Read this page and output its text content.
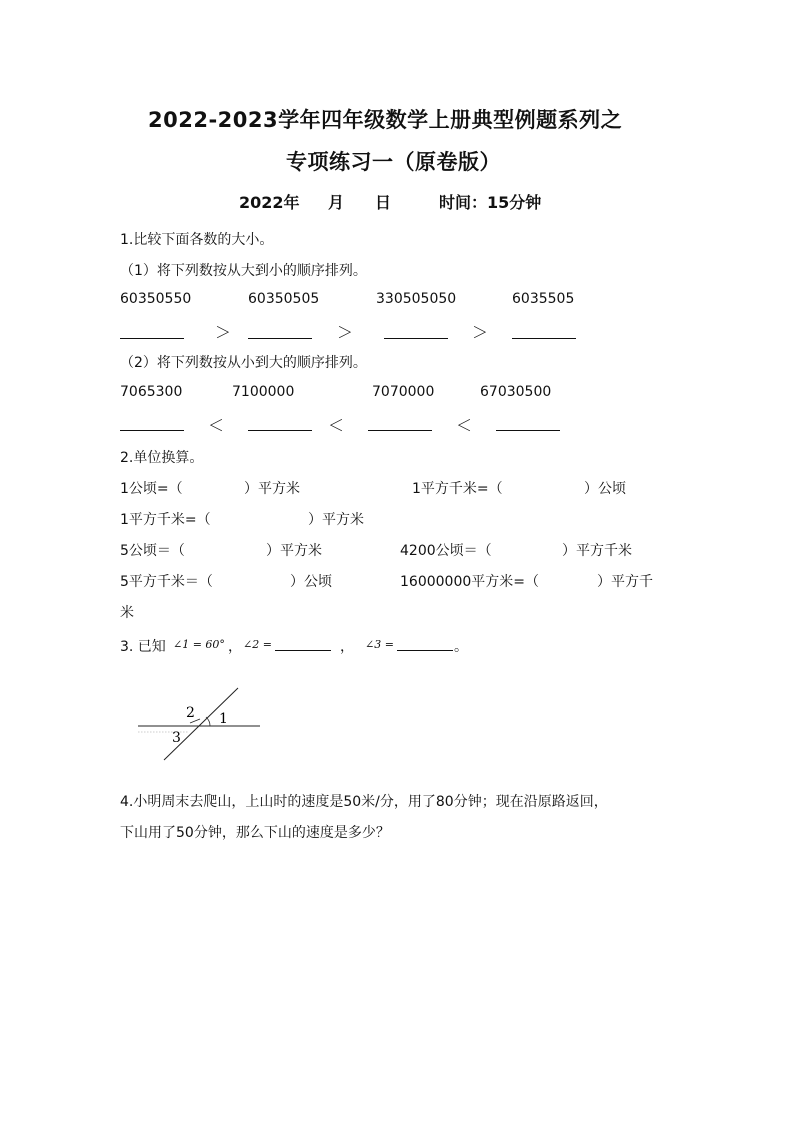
2022-2023学年四年级数学上册典型例题系列之
专项练习一（原卷版）
2022年 月 日	时间：15分钟
1.比较下面各数的大小。
（1）将下列数按从大到小的顺序排列。
60350550	60350505	330505050	6035505
＞	＞	＞
（2）将下列数按从小到大的顺序排列。
7065300	7100000	7070000	67030500
＜	＜	＜
2.单位换算。
1公顷=（	）平方米	1平方千米=（	）公顷
1平方千米=（	）平方米
5公顷＝（	）平方米	4200公顷＝（	）平方千米
5平方千米＝（	）公顷	16000000平方米=（	）平方千
米
3. 已知 ∠1 = 60° ， ∠2 =	， ∠3 =	。
1
2
3
4.小明周末去爬山，上山时的速度是50米/分，用了80分钟；现在沿原路返回，
下山用了50分钟，那么下山的速度是多少？
